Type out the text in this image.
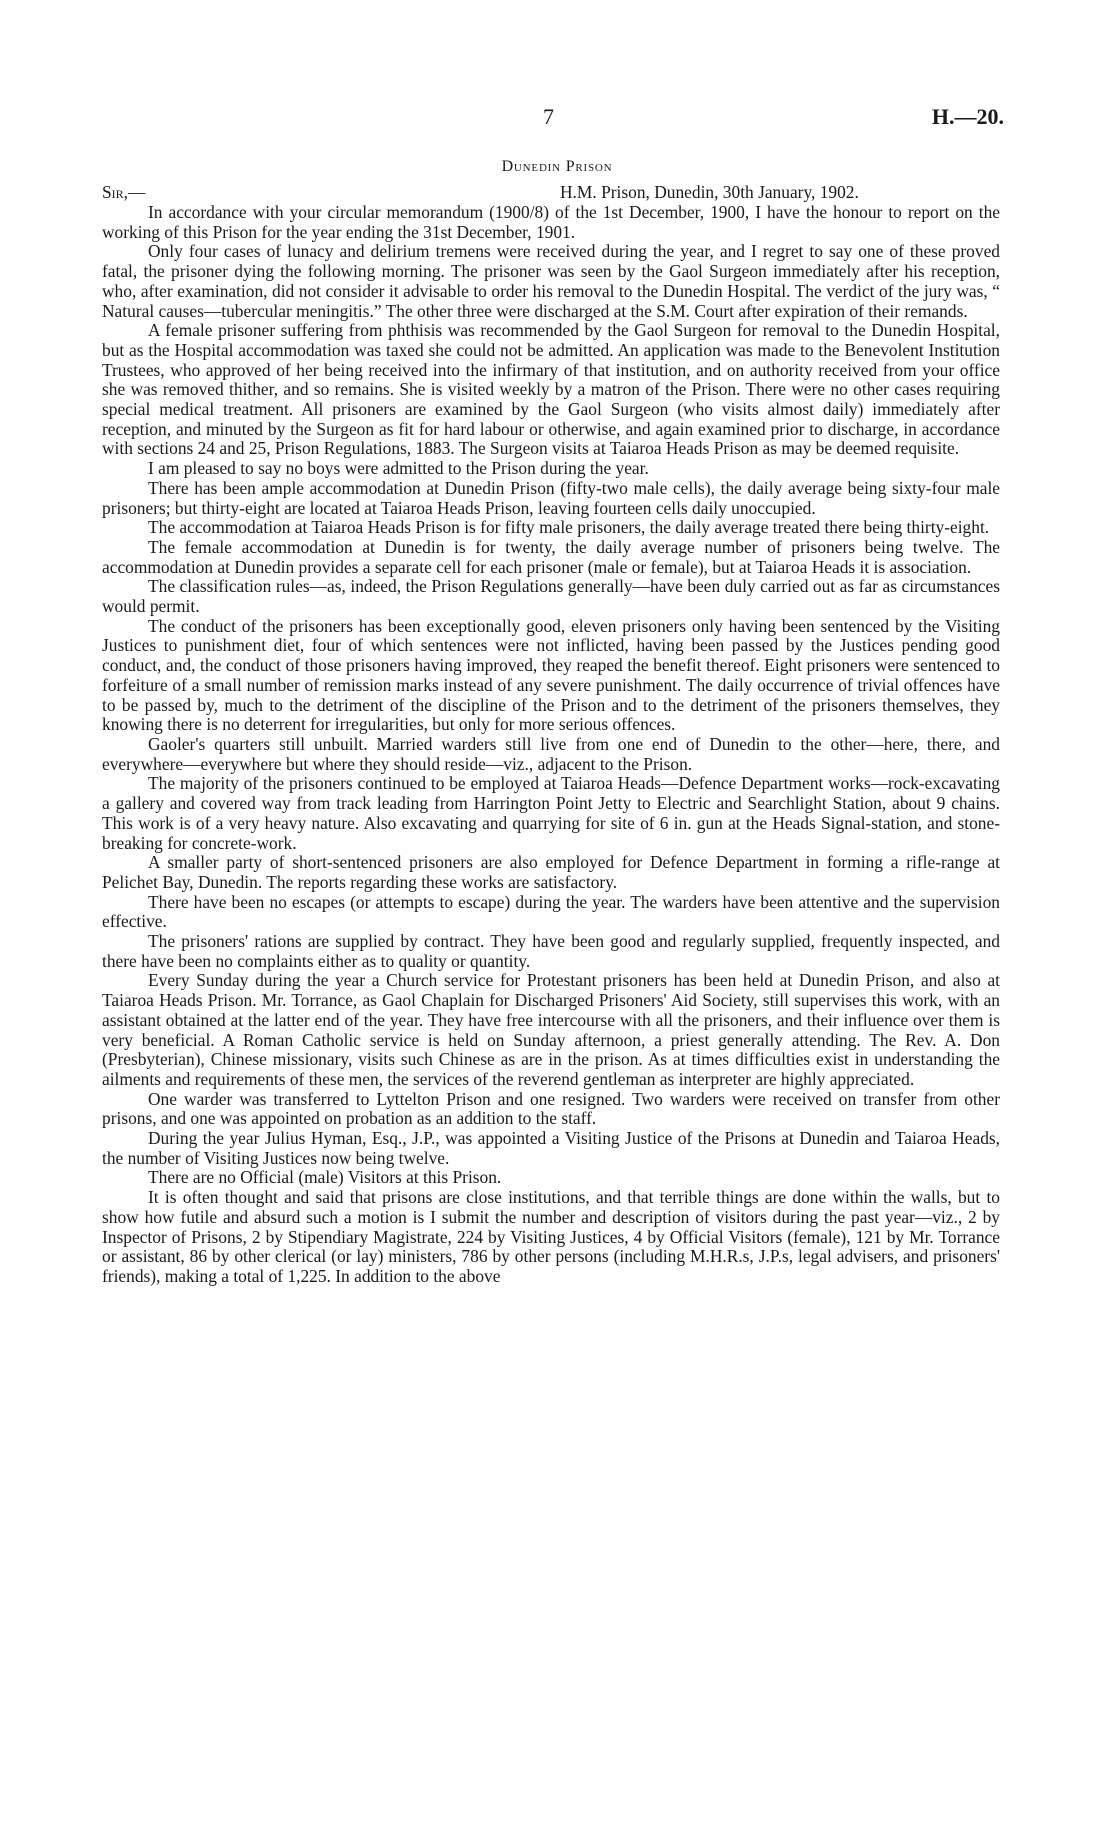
7	H.—20.
Dunedin Prison
Sir,—	H.M. Prison, Dunedin, 30th January, 1902.

In accordance with your circular memorandum (1900/8) of the 1st December, 1900, I have the honour to report on the working of this Prison for the year ending the 31st December, 1901.

Only four cases of lunacy and delirium tremens were received during the year, and I regret to say one of these proved fatal, the prisoner dying the following morning. The prisoner was seen by the Gaol Surgeon immediately after his reception, who, after examination, did not consider it advisable to order his removal to the Dunedin Hospital. The verdict of the jury was, “ Natural causes—tubercular meningitis.” The other three were discharged at the S.M. Court after expiration of their remands.

A female prisoner suffering from phthisis was recommended by the Gaol Surgeon for removal to the Dunedin Hospital, but as the Hospital accommodation was taxed she could not be admitted. An application was made to the Benevolent Institution Trustees, who approved of her being received into the infirmary of that institution, and on authority received from your office she was removed thither, and so remains. She is visited weekly by a matron of the Prison. There were no other cases requiring special medical treatment. All prisoners are examined by the Gaol Surgeon (who visits almost daily) immediately after reception, and minuted by the Surgeon as fit for hard labour or otherwise, and again examined prior to discharge, in accordance with sections 24 and 25, Prison Regulations, 1883. The Surgeon visits at Taiaroa Heads Prison as may be deemed requisite.

I am pleased to say no boys were admitted to the Prison during the year.

There has been ample accommodation at Dunedin Prison (fifty-two male cells), the daily average being sixty-four male prisoners; but thirty-eight are located at Taiaroa Heads Prison, leaving fourteen cells daily unoccupied.

The accommodation at Taiaroa Heads Prison is for fifty male prisoners, the daily average treated there being thirty-eight.

The female accommodation at Dunedin is for twenty, the daily average number of prisoners being twelve. The accommodation at Dunedin provides a separate cell for each prisoner (male or female), but at Taiaroa Heads it is association.

The classification rules—as, indeed, the Prison Regulations generally—have been duly carried out as far as circumstances would permit.

The conduct of the prisoners has been exceptionally good, eleven prisoners only having been sentenced by the Visiting Justices to punishment diet, four of which sentences were not inflicted, having been passed by the Justices pending good conduct, and, the conduct of those prisoners having improved, they reaped the benefit thereof. Eight prisoners were sentenced to forfeiture of a small number of remission marks instead of any severe punishment. The daily occurrence of trivial offences have to be passed by, much to the detriment of the discipline of the Prison and to the detriment of the prisoners themselves, they knowing there is no deterrent for irregularities, but only for more serious offences.

Gaoler's quarters still unbuilt. Married warders still live from one end of Dunedin to the other—here, there, and everywhere—everywhere but where they should reside—viz., adjacent to the Prison.

The majority of the prisoners continued to be employed at Taiaroa Heads—Defence Department works—rock-excavating a gallery and covered way from track leading from Harrington Point Jetty to Electric and Searchlight Station, about 9 chains. This work is of a very heavy nature. Also excavating and quarrying for site of 6 in. gun at the Heads Signal-station, and stone-breaking for concrete-work.

A smaller party of short-sentenced prisoners are also employed for Defence Department in forming a rifle-range at Pelichet Bay, Dunedin. The reports regarding these works are satisfactory.

There have been no escapes (or attempts to escape) during the year. The warders have been attentive and the supervision effective.

The prisoners' rations are supplied by contract. They have been good and regularly supplied, frequently inspected, and there have been no complaints either as to quality or quantity.

Every Sunday during the year a Church service for Protestant prisoners has been held at Dunedin Prison, and also at Taiaroa Heads Prison. Mr. Torrance, as Gaol Chaplain for Discharged Prisoners' Aid Society, still supervises this work, with an assistant obtained at the latter end of the year. They have free intercourse with all the prisoners, and their influence over them is very beneficial. A Roman Catholic service is held on Sunday afternoon, a priest generally attending. The Rev. A. Don (Presbyterian), Chinese missionary, visits such Chinese as are in the prison. As at times difficulties exist in understanding the ailments and requirements of these men, the services of the reverend gentleman as interpreter are highly appreciated.

One warder was transferred to Lyttelton Prison and one resigned. Two warders were received on transfer from other prisons, and one was appointed on probation as an addition to the staff.

During the year Julius Hyman, Esq., J.P., was appointed a Visiting Justice of the Prisons at Dunedin and Taiaroa Heads, the number of Visiting Justices now being twelve.

There are no Official (male) Visitors at this Prison.

It is often thought and said that prisons are close institutions, and that terrible things are done within the walls, but to show how futile and absurd such a motion is I submit the number and description of visitors during the past year—viz., 2 by Inspector of Prisons, 2 by Stipendiary Magistrate, 224 by Visiting Justices, 4 by Official Visitors (female), 121 by Mr. Torrance or assistant, 86 by other clerical (or lay) ministers, 786 by other persons (including M.H.R.s, J.P.s, legal advisers, and prisoners' friends), making a total of 1,225. In addition to the above
